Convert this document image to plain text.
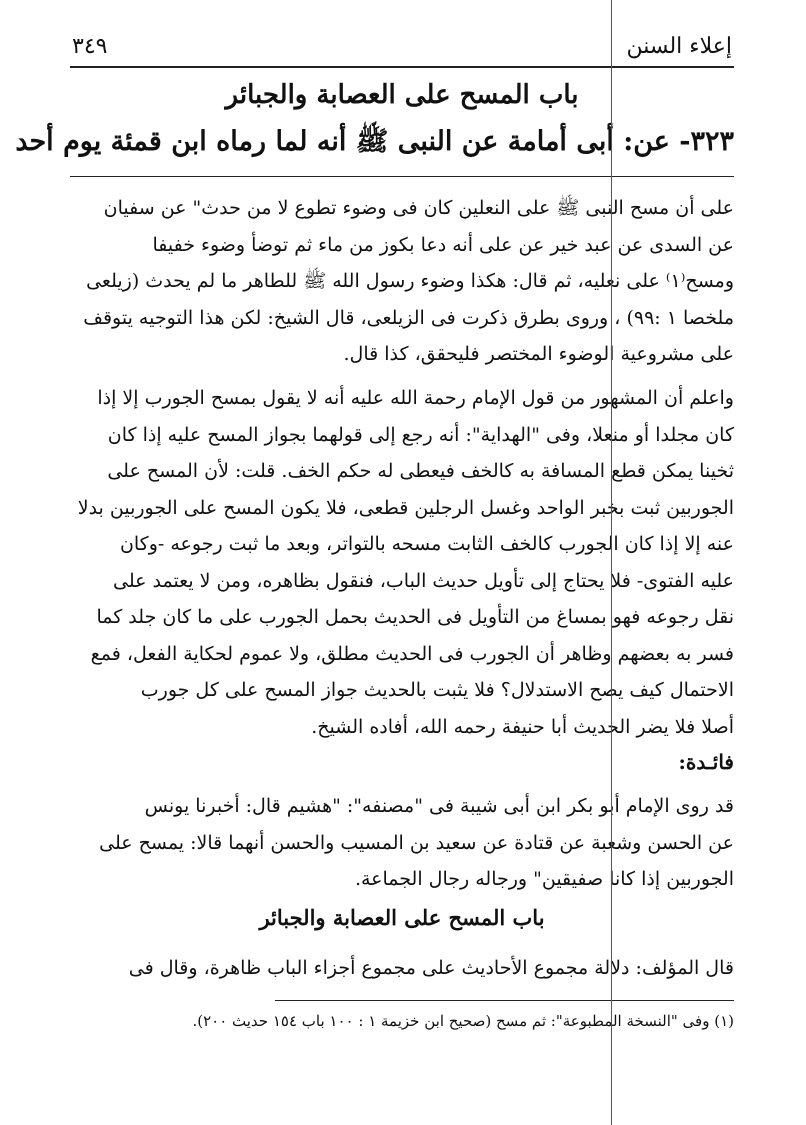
إعلاء السنن
٣٤٩
باب المسح على العصابة والجبائر
٣٢٣- عن: أبى أمامة عن النبى ﷺ أنه لما رماه ابن قمئة يوم أحد

على أن مسح النبى ﷺ على النعلين كان فى وضوء تطوع لا من حدث" عن سفيان

عن السدى عن عبد خير عن على أنه دعا بكوز من ماء ثم توضأ وضوء خفيفا

ومسح⁽١⁾ على نعليه، ثم قال: هكذا وضوء رسول الله ﷺ للطاهر ما لم يحدث (زيلعى

ملخصا ١ :٩٩) ، وروى بطرق ذكرت فى الزيلعى، قال الشيخ: لكن هذا التوجيه يتوقف

على مشروعية الوضوء المختصر فليحقق، كذا قال.

واعلم أن المشهور من قول الإمام رحمة الله عليه أنه لا يقول بمسح الجورب إلا إذا

كان مجلدا أو منعلا، وفى "الهداية": أنه رجع إلى قولهما بجواز المسح عليه إذا كان

ثخينا يمكن قطع المسافة به كالخف فيعطى له حكم الخف. قلت: لأن المسح على

الجوربين ثبت بخبر الواحد وغسل الرجلين قطعى، فلا يكون المسح على الجوربين بدلا

عنه إلا إذا كان الجورب كالخف الثابت مسحه بالتواتر، وبعد ما ثبت رجوعه -وكان

عليه الفتوى- فلا يحتاج إلى تأويل حديث الباب، فنقول بظاهره، ومن لا يعتمد على

نقل رجوعه فهو بمساغ من التأويل فى الحديث بحمل الجورب على ما كان جلد كما

فسر به بعضهم وظاهر أن الجورب فى الحديث مطلق، ولا عموم لحكاية الفعل، فمع

الاحتمال كيف يصح الاستدلال؟ فلا يثبت بالحديث جواز المسح على كل جورب

أصلا فلا يضر الحديث أبا حنيفة رحمه الله، أفاده الشيخ.

فائـدة:

قد روى الإمام أبو بكر ابن أبى شيبة فى "مصنفه": "هشيم قال: أخبرنا يونس

عن الحسن وشعبة عن قتادة عن سعيد بن المسيب والحسن أنهما قالا: يمسح على

الجوربين إذا كانا صفيقين" ورجاله رجال الجماعة.

باب المسح على العصابة والجبائر

قال المؤلف: دلالة مجموع الأحاديث على مجموع أجزاء الباب ظاهرة، وقال فى

(١) وفى "النسخة المطبوعة": ثم مسح (صحيح ابن خزيمة ١ : ١٠٠ باب ١٥٤ حديث ٢٠٠).
